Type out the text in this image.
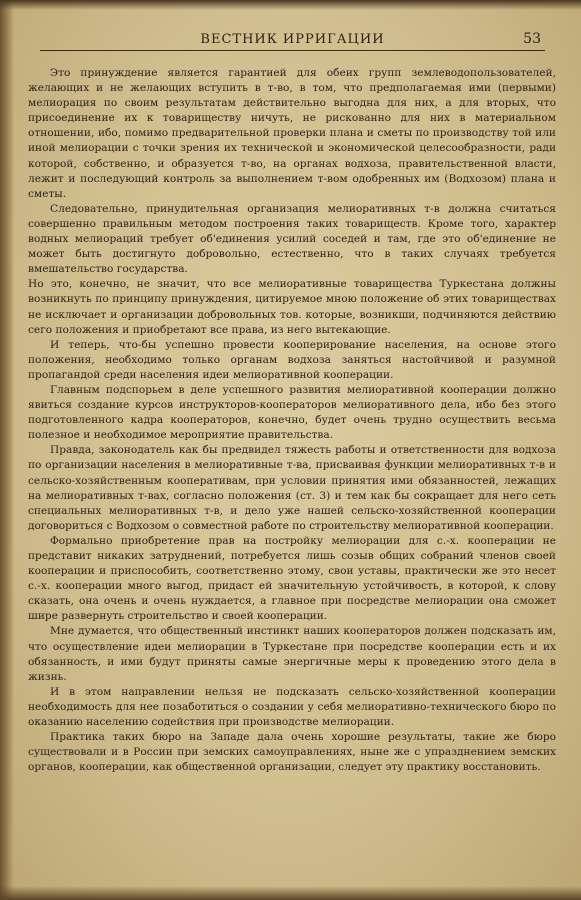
ВЕСТНИК ИРРИГАЦИИ	53

Это принуждение является гарантией для обеих групп землеводопользователей, желающих и не желающих вступить в т-во, в том, что предполагаемая ими (первыми) мелиорация по своим результатам действительно выгодна для них, а для вторых, что присоединение их к товариществу ничуть, не рискованно для них в материальном отношении, ибо, помимо предварительной проверки плана и сметы по производству той или иной мелиорации с точки зрения их технической и экономической целесообразности, ради которой, собственно, и образуется т-во, на органах водхоза, правительственной власти, лежит и последующий контроль за выполнением т-вом одобренных им (Водхозом) плана и сметы.

Следовательно, принудительная организация мелиоративных т-в должна считаться совершенно правильным методом построения таких товариществ. Кроме того, характер водных мелиораций требует об'единения усилий соседей и там, где это об'единение не может быть достигнуто добровольно, естественно, что в таких случаях требуется вмешательство государства.

Но это, конечно, не значит, что все мелиоративные товарищества Туркестана должны возникнуть по принципу принуждения, цитируемое мною положение об этих товариществах не исключает и организации добровольных тов. которые, возникши, подчиняются действию сего положения и приобретают все права, из него вытекающие.

И теперь, что-бы успешно провести кооперирование населения, на основе этого положения, необходимо только органам водхоза заняться настойчивой и разумной пропагандой среди населения идеи мелиоративной кооперации.

Главным подспорьем в деле успешного развития мелиоративной кооперации должно явиться создание курсов инструкторов-кооператоров мелиоративного дела, ибо без этого подготовленного кадра кооператоров, конечно, будет очень трудно осуществить весьма полезное и необходимое мероприятие правительства.

Правда, законодатель как бы предвидел тяжесть работы и ответственности для водхоза по организации населения в мелиоративные т-ва, присваивая функции мелиоративных т-в и сельско-хозяйственным кооперативам, при условии принятия ими обязанностей, лежащих на мелиоративных т-вах, согласно положения (ст. 3) и тем как бы сокращает для него сеть специальных мелиоративных т-в, и дело уже нашей сельско-хозяйственной кооперации договориться с Водхозом о совместной работе по строительству мелиоративной кооперации.

Формально приобретение прав на постройку мелиорации для с.-х. кооперации не представит никаких затруднений, потребуется лишь созыв общих собраний членов своей кооперации и приспособить, соответственно этому, свои уставы, практически же это несет с.-х. кооперации много выгод, придаст ей значительную устойчивость, в которой, к слову сказать, она очень и очень нуждается, а главное при посредстве мелиорации она сможет шире развернуть строительство и своей кооперации.

Мне думается, что общественный инстинкт наших кооператоров должен подсказать им, что осуществление идеи мелиорации в Туркестане при посредстве кооперации есть и их обязанность, и ими будут приняты самые энергичные меры к проведению этого дела в жизнь.

И в этом направлении нельзя не подсказать сельско-хозяйственной кооперации необходимость для нее позаботиться о создании у себя мелиоративно-технического бюро по оказанию населению содействия при производстве мелиорации.

Практика таких бюро на Западе дала очень хорошие результаты, такие же бюро существовали и в России при земских самоуправлениях, ныне же с упразднением земских органов, кооперации, как общественной организации, следует эту практику восстановить.
